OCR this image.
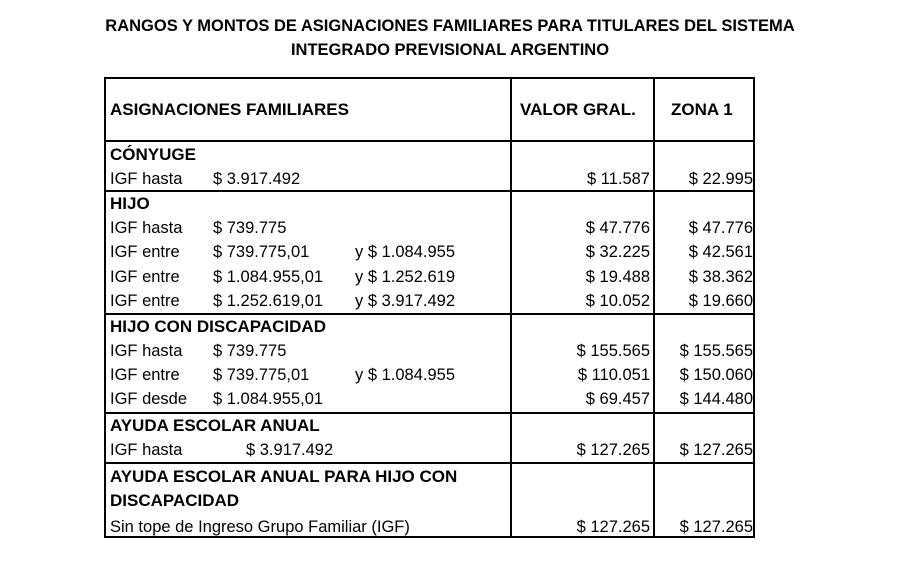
RANGOS Y MONTOS DE ASIGNACIONES FAMILIARES PARA TITULARES DEL SISTEMA
INTEGRADO PREVISIONAL ARGENTINO
ASIGNACIONES FAMILIARES	VALOR GRAL. ZONA 1
CÓNYUGE
IGF hasta $ 3.917.492	$ 11.587	$ 22.995
HIJO
IGF hasta $ 739.775	$ 47.776	$ 47.776
IGF entre $ 739.775,01	y $ 1.084.955	$ 32.225	$ 42.561
IGF entre $ 1.084.955,01 y $ 1.252.619	$ 19.488	$ 38.362
IGF entre $ 1.252.619,01 y $ 3.917.492	$ 10.052	$ 19.660
HIJO CON DISCAPACIDAD
IGF hasta $ 739.775	$ 155.565	$ 155.565
IGF entre $ 739.775,01	y $ 1.084.955	$ 110.051	$ 150.060
IGF desde $ 1.084.955,01	$ 69.457	$ 144.480
AYUDA ESCOLAR ANUAL
IGF hasta	$ 3.917.492	$ 127.265	$ 127.265
AYUDA ESCOLAR ANUAL PARA HIJO CON
DISCAPACIDAD
Sin tope de Ingreso Grupo Familiar (IGF)	$ 127.265	$ 127.265
